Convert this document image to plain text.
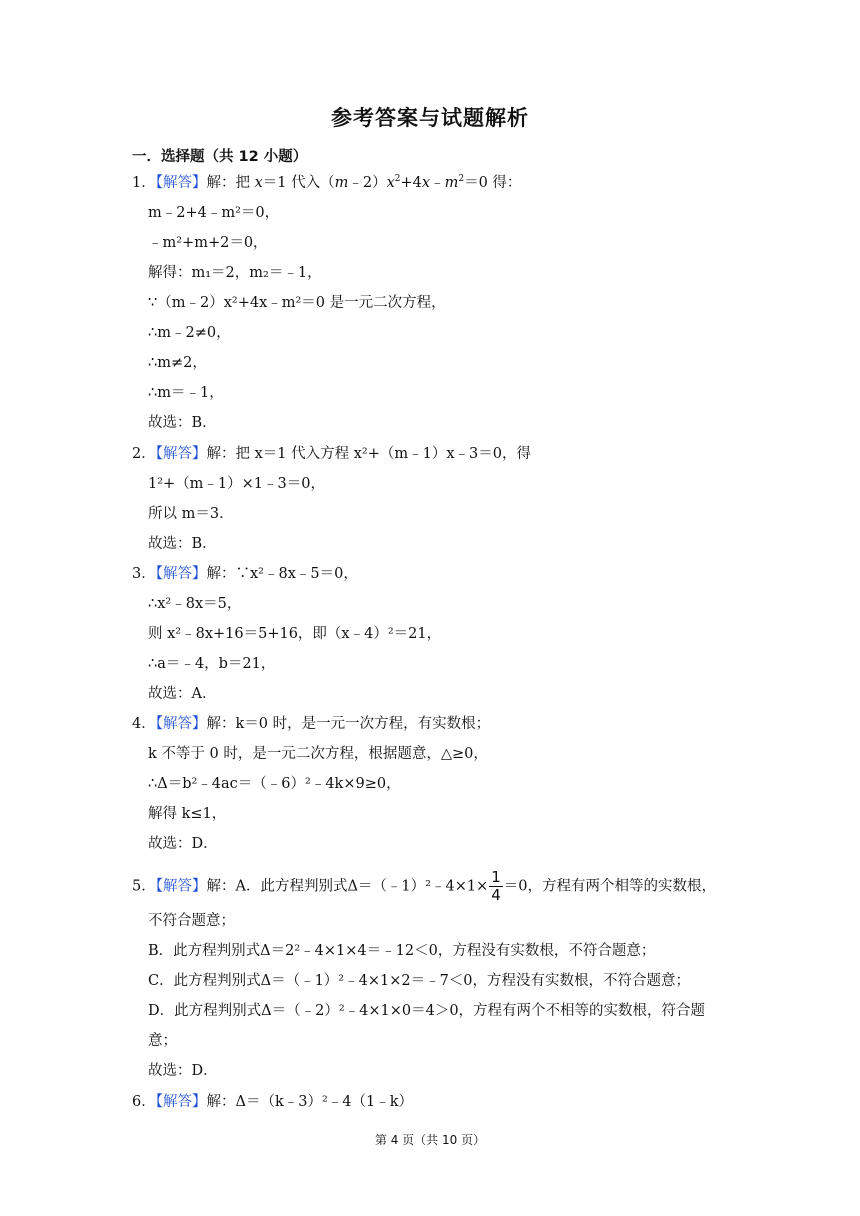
参考答案与试题解析
一．选择题（共 12 小题）
1．【解答】解：把 x＝1 代入$(m﹣2)x^2+4x﹣m^2=0$ 得：
m﹣2+4﹣m²＝0，
﹣m²+m+2＝0，
解得：m₁＝2，m₂＝﹣1，
∵（m﹣2）x²+4x﹣m²＝0 是一元二次方程，
∴m﹣2≠0，
∴m≠2，
∴m＝﹣1，
故选：B．
2．【解答】解：把 x＝1 代入方程 x²+（m﹣1）x﹣3＝0，得
1²+（m﹣1）×1﹣3＝0，
所以 m＝3．
故选：B．
3．【解答】解：∵x²﹣8x﹣5＝0，
∴x²﹣8x＝5，
则 x²﹣8x+16＝5+16，即（x﹣4）²＝21，
∴a＝﹣4，b＝21，
故选：A．
4．【解答】解：k＝0 时，是一元一次方程，有实数根；
k 不等于 0 时，是一元二次方程，根据题意，△≥0，
∴Δ＝b²﹣4ac＝（﹣6）²﹣4k×9≥0，
解得 k≤1，
故选：D．
5．【解答】解：A．此方程判别式Δ＝（﹣1）²﹣4×1× $\frac{1}{4} =0$，方程有两个相等的实数根，
不符合题意；
B．此方程判别式Δ＝2²﹣4×1×4＝﹣12＜0，方程没有实数根，不符合题意；
C．此方程判别式Δ＝（﹣1）²﹣4×1×2＝﹣7＜0，方程没有实数根，不符合题意；
D．此方程判别式Δ＝（﹣2）²﹣4×1×0＝4＞0，方程有两个不相等的实数根，符合题
意；
故选：D．
6．【解答】解：Δ＝（k﹣3）²﹣4（1﹣k）
第 4 页（共 10 页）
